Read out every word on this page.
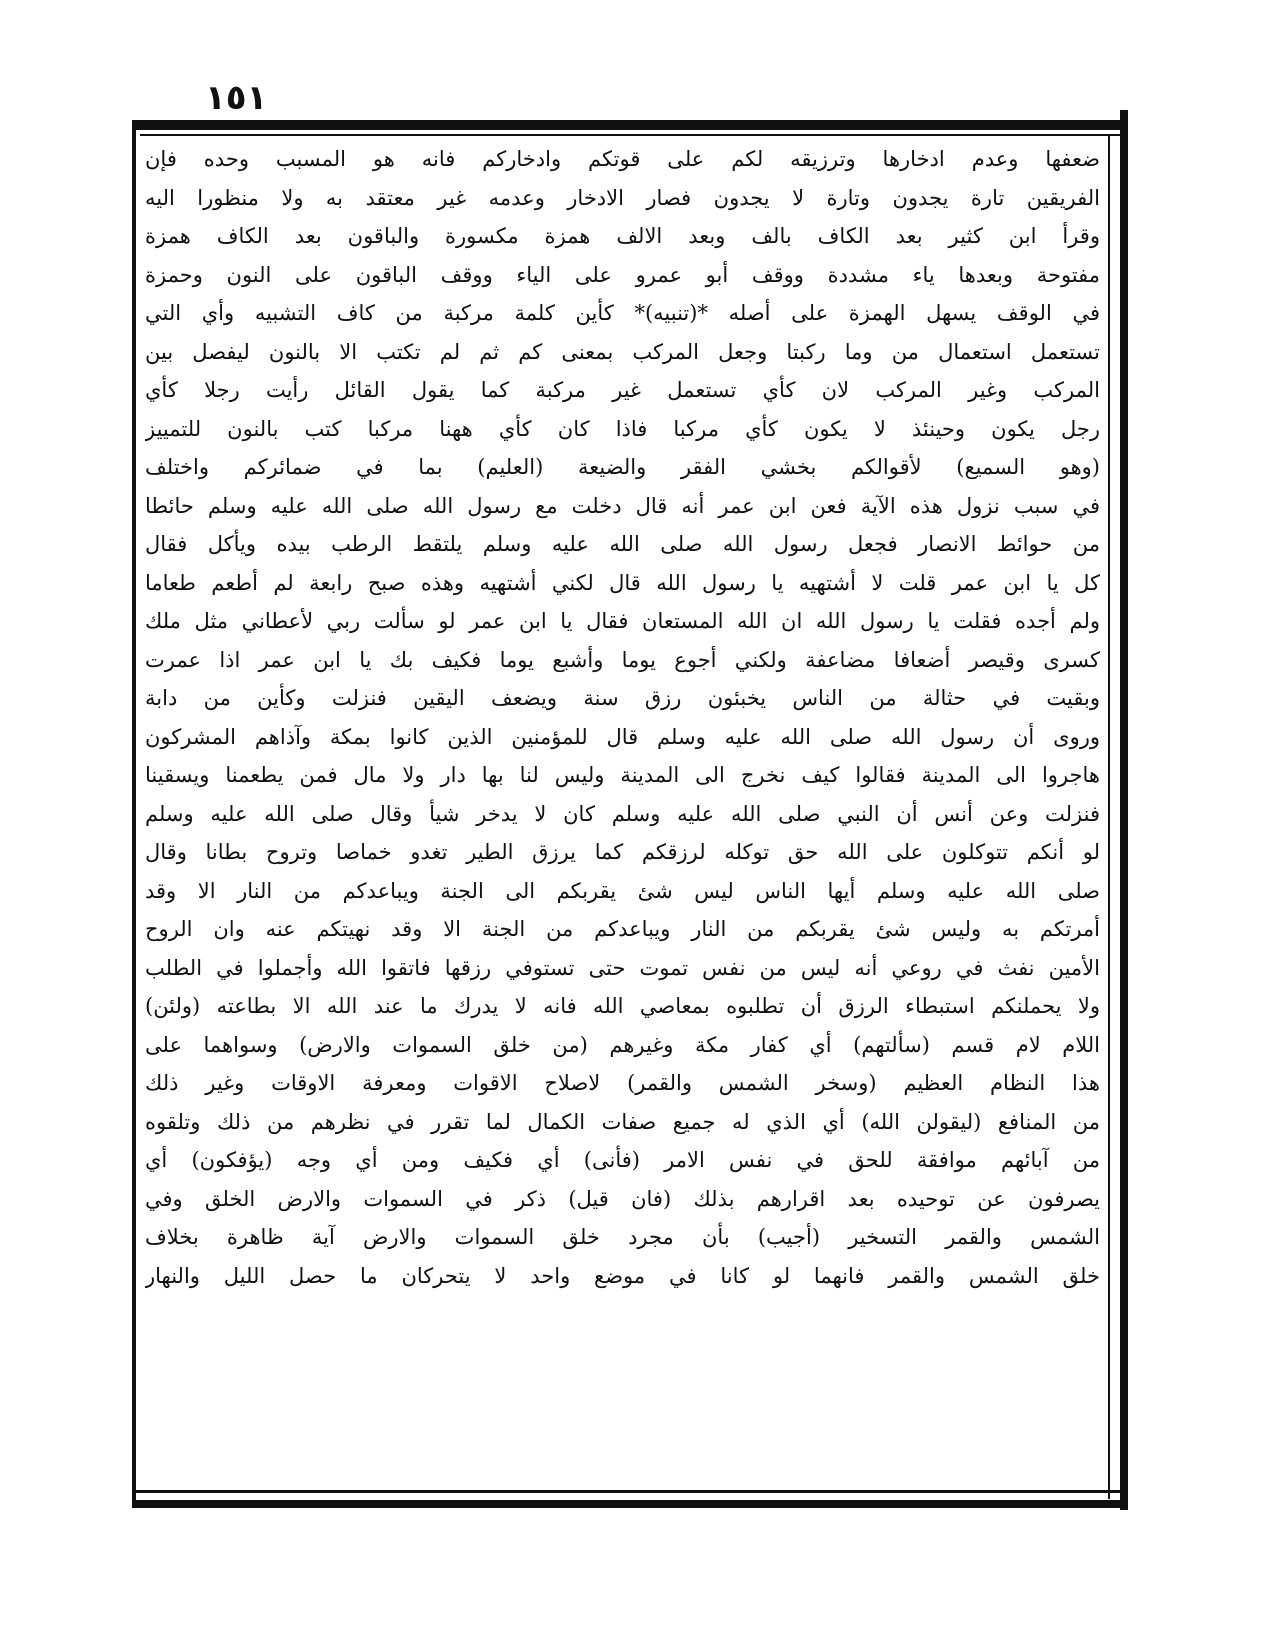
١٥١
ضعفها وعدم ادخارها وترزيقه لكم على قوتكم وادخاركم فانه هو المسبب وحده فإن
الفريقين تارة يجدون وتارة لا يجدون فصار الادخار وعدمه غير معتقد به ولا منظورا اليه
وقرأ ابن كثير بعد الكاف بالف وبعد الالف همزة مكسورة والباقون بعد الكاف همزة
مفتوحة وبعدها ياء مشددة ووقف أبو عمرو على الياء ووقف الباقون على النون وحمزة
في الوقف يسهل الهمزة على أصله *(تنبيه)* كأين كلمة مركبة من كاف التشبيه وأي التي
تستعمل استعمال من وما ركبتا وجعل المركب بمعنى كم ثم لم تكتب الا بالنون ليفصل بين
المركب وغير المركب لان كأي تستعمل غير مركبة كما يقول القائل رأيت رجلا كأي
رجل يكون وحينئذ لا يكون كأي مركبا فاذا كان كأي ههنا مركبا كتب بالنون للتمييز
(وهو السميع) لأقوالكم بخشي الفقر والضيعة (العليم) بما في ضمائركم واختلف
في سبب نزول هذه الآية فعن ابن عمر أنه قال دخلت مع رسول الله صلى الله عليه وسلم حائطا
من حوائط الانصار فجعل رسول الله صلى الله عليه وسلم يلتقط الرطب بيده ويأكل فقال
كل يا ابن عمر قلت لا أشتهيه يا رسول الله قال لكني أشتهيه وهذه صبح رابعة لم أطعم طعاما
ولم أجده فقلت يا رسول الله ان الله المستعان فقال يا ابن عمر لو سألت ربي لأعطاني مثل ملك
كسرى وقيصر أضعافا مضاعفة ولكني أجوع يوما وأشبع يوما فكيف بك يا ابن عمر اذا عمرت
وبقيت في حثالة من الناس يخبئون رزق سنة ويضعف اليقين فنزلت وكأين من دابة
وروى أن رسول الله صلى الله عليه وسلم قال للمؤمنين الذين كانوا بمكة وآذاهم المشركون
هاجروا الى المدينة فقالوا كيف نخرج الى المدينة وليس لنا بها دار ولا مال فمن يطعمنا ويسقينا
فنزلت وعن أنس أن النبي صلى الله عليه وسلم كان لا يدخر شيأ وقال صلى الله عليه وسلم
لو أنكم تتوكلون على الله حق توكله لرزقكم كما يرزق الطير تغدو خماصا وتروح بطانا وقال
صلى الله عليه وسلم أيها الناس ليس شئ يقربكم الى الجنة ويباعدكم من النار الا وقد
أمرتكم به وليس شئ يقربكم من النار ويباعدكم من الجنة الا وقد نهيتكم عنه وان الروح
الأمين نفث في روعي أنه ليس من نفس تموت حتى تستوفي رزقها فاتقوا الله وأجملوا في الطلب
ولا يحملنكم استبطاء الرزق أن تطلبوه بمعاصي الله فانه لا يدرك ما عند الله الا بطاعته (ولئن)
اللام لام قسم (سألتهم) أي كفار مكة وغيرهم (من خلق السموات والارض) وسواهما على
هذا النظام العظيم (وسخر الشمس والقمر) لاصلاح الاقوات ومعرفة الاوقات وغير ذلك
من المنافع (ليقولن الله) أي الذي له جميع صفات الكمال لما تقرر في نظرهم من ذلك وتلقوه
من آبائهم موافقة للحق في نفس الامر (فأنى) أي فكيف ومن أي وجه (يؤفكون) أي
يصرفون عن توحيده بعد اقرارهم بذلك (فان قيل) ذكر في السموات والارض الخلق وفي
الشمس والقمر التسخير (أجيب) بأن مجرد خلق السموات والارض آية ظاهرة بخلاف
خلق الشمس والقمر فانهما لو كانا في موضع واحد لا يتحركان ما حصل الليل والنهار
